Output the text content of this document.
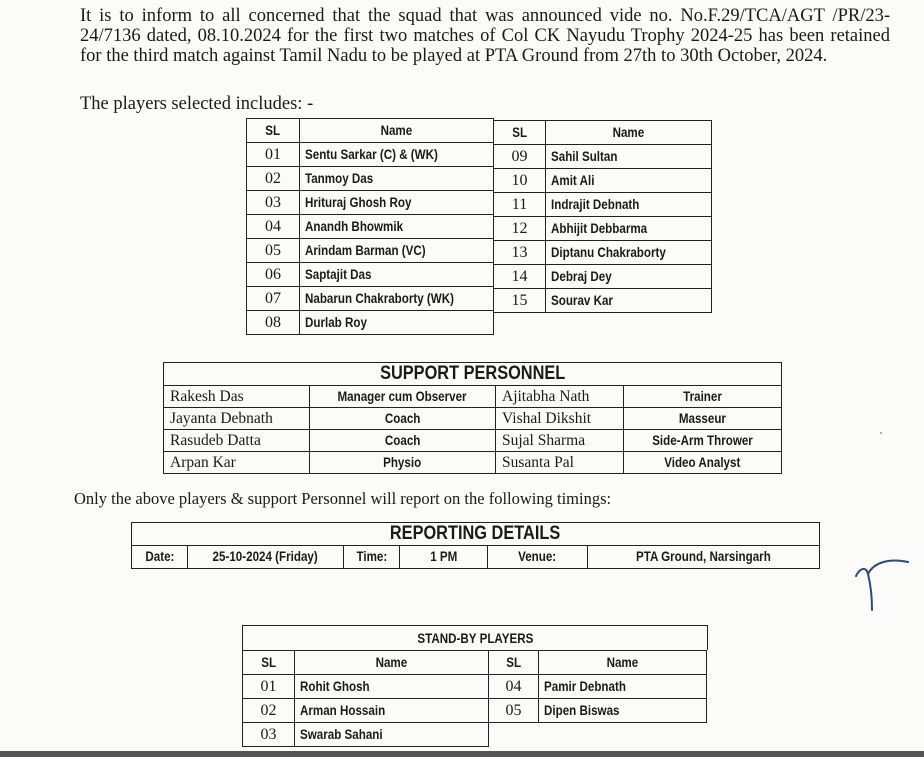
It is to inform to all concerned that the squad that was announced vide no. No.F.29/TCA/AGT /PR/23-24/7136 dated, 08.10.2024 for the first two matches of Col CK Nayudu Trophy 2024-25 has been retained for the third match against Tamil Nadu to be played at PTA Ground from 27th to 30th October, 2024.
The players selected includes: -
SL	Name
01	Sentu Sarkar (C) & (WK)
02	Tanmoy Das
03	Hrituraj Ghosh Roy
04	Anandh Bhowmik
05	Arindam Barman (VC)
06	Saptajit Das
07	Nabarun Chakraborty (WK)
08	Durlab Roy
SL	Name
09	Sahil Sultan
10	Amit Ali
11	Indrajit Debnath
12	Abhijit Debbarma
13	Diptanu Chakraborty
14	Debraj Dey
15	Sourav Kar
SUPPORT PERSONNEL			
Rakesh Das	Manager cum Observer	Ajitabha Nath	Trainer
Jayanta Debnath	Coach	Vishal Dikshit	Masseur
Rasudeb Datta	Coach	Sujal Sharma	Side-Arm Thrower
Arpan Kar	Physio	Susanta Pal	Video Analyst
Only the above players & support Personnel will report on the following timings:
REPORTING DETAILS
Date:	25-10-2024 (Friday)	Time:	1 PM	Venue:	PTA Ground, Narsingarh

SL	Name
01	Rohit Ghosh
02	Arman Hossain
03	Swarab Sahani
STAND-BY PLAYERS
SL	Name
04	Pamir Debnath
05	Dipen Biswas
